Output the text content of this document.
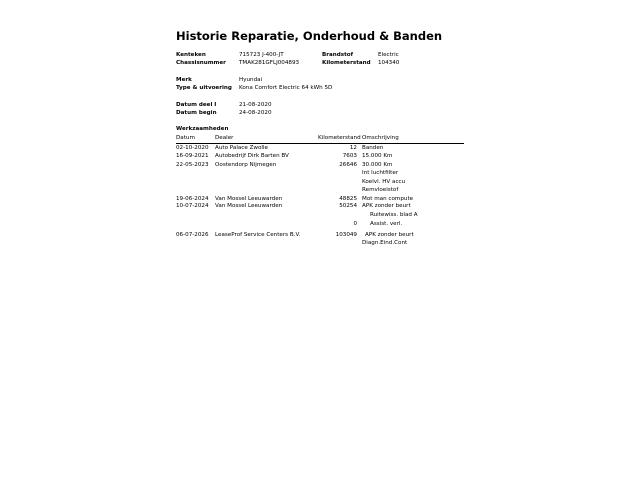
Historie Reparatie, Onderhoud & Banden
Kenteken	715723 J-400-JT	Brandstof	Electric
Chassisnummer TMAK281GFLJ004893	Kilometerstand 104340
Merk	Hyundai
Type & uitvoering Kona Comfort Electric 64 kWh 5D
Datum deel I	21-08-2020
Datum begin	24-08-2020
Werkzaamheden
Datum	Dealer	Kilometerstand Omschrijving
02-10-2020 Auto Palace Zwolle	12 Banden
16-09-2021 Autobedrijf Dirk Barten BV	7603 15.000 Km
22-05-2023 Oostendorp Nijmegen	26646 30.000 Km
Int luchtfilter
Koelvl. HV accu
Remvloeistof
19-06-2024 Van Mossel Leeuwarden	48825 Mot man compute
10-07-2024 Van Mossel Leeuwarden	50254 APK zonder beurt
Ruitewiss. blad A
0 Assist. verl.
06-07-2026 LeaseProf Service Centers B.V.	103049 APK zonder beurt
Diagn.Eind.Cont
